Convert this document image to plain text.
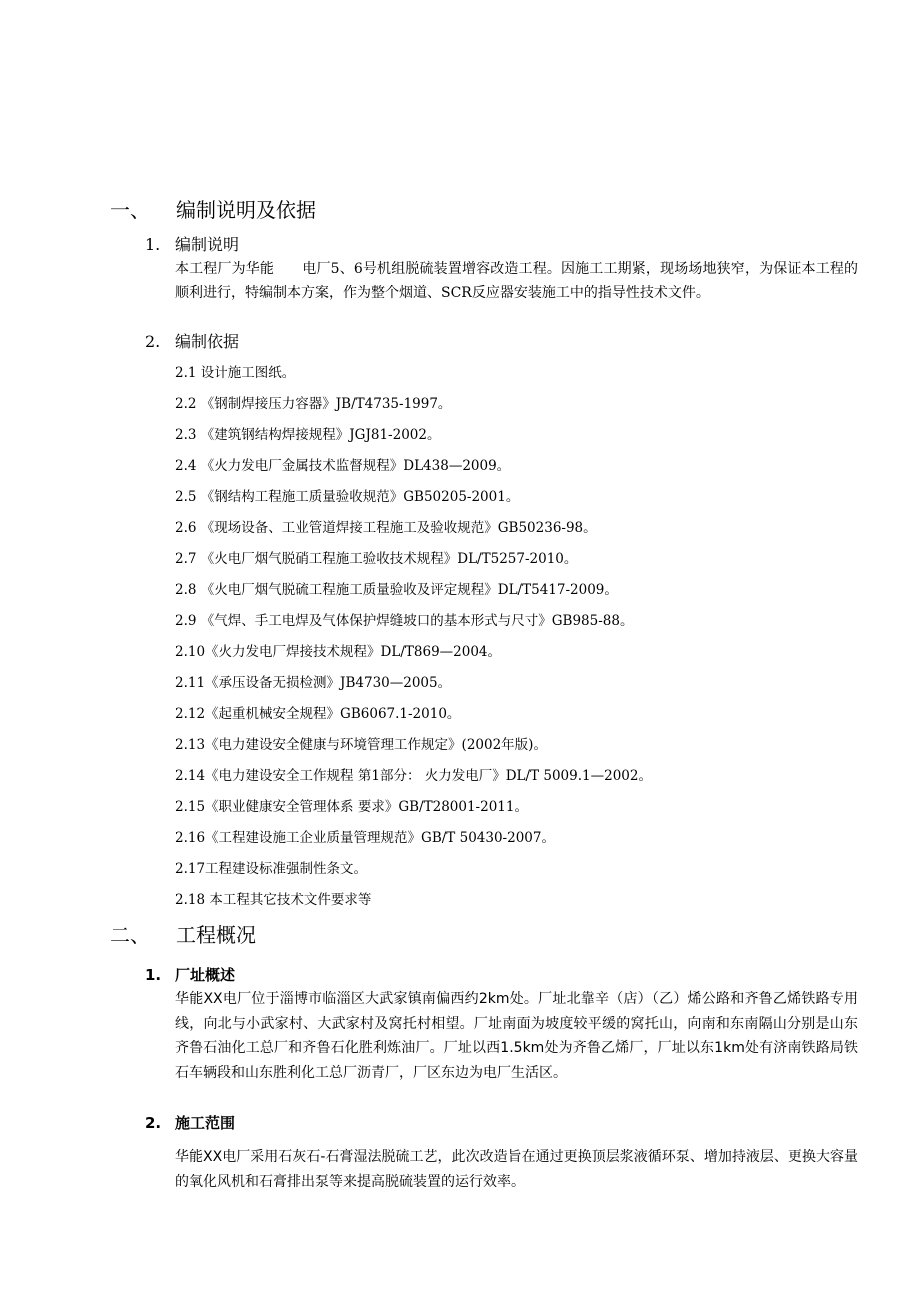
一、 编制说明及依据
1. 编制说明
本工程厂为华能　　电厂5、6号机组脱硫装置增容改造工程。因施工工期紧，现场场地狭窄，为保证本工程的顺利进行，特编制本方案，作为整个烟道、SCR反应器安装施工中的指导性技术文件。
2. 编制依据
2.1 设计施工图纸。
2.2 《钢制焊接压力容器》JB/T4735-1997。
2.3 《建筑钢结构焊接规程》JGJ81-2002。
2.4 《火力发电厂金属技术监督规程》DL438—2009。
2.5 《钢结构工程施工质量验收规范》GB50205-2001。
2.6 《现场设备、工业管道焊接工程施工及验收规范》GB50236-98。
2.7 《火电厂烟气脱硝工程施工验收技术规程》DL/T5257-2010。
2.8 《火电厂烟气脱硫工程施工质量验收及评定规程》DL/T5417-2009。
2.9 《气焊、手工电焊及气体保护焊缝坡口的基本形式与尺寸》GB985-88。
2.10《火力发电厂焊接技术规程》DL/T869—2004。
2.11《承压设备无损检测》JB4730—2005。
2.12《起重机械安全规程》GB6067.1-2010。
2.13《电力建设安全健康与环境管理工作规定》(2002年版)。
2.14《电力建设安全工作规程 第1部分： 火力发电厂》DL/T 5009.1—2002。
2.15《职业健康安全管理体系 要求》GB/T28001-2011。
2.16《工程建设施工企业质量管理规范》GB/T 50430-2007。
2.17工程建设标准强制性条文。
2.18 本工程其它技术文件要求等
二、 工程概况
1. 厂址概述
华能XX电厂位于淄博市临淄区大武家镇南偏西约2km处。厂址北靠辛（店）（乙）烯公路和齐鲁乙烯铁路专用线，向北与小武家村、大武家村及窝托村相望。厂址南面为坡度较平缓的窝托山，向南和东南隔山分别是山东齐鲁石油化工总厂和齐鲁石化胜利炼油厂。厂址以西1.5km处为齐鲁乙烯厂，厂址以东1km处有济南铁路局铁石车辆段和山东胜利化工总厂沥青厂，厂区东边为电厂生活区。
2. 施工范围
华能XX电厂采用石灰石-石膏湿法脱硫工艺，此次改造旨在通过更换顶层浆液循环泵、增加持液层、更换大容量的氧化风机和石膏排出泵等来提高脱硫装置的运行效率。
